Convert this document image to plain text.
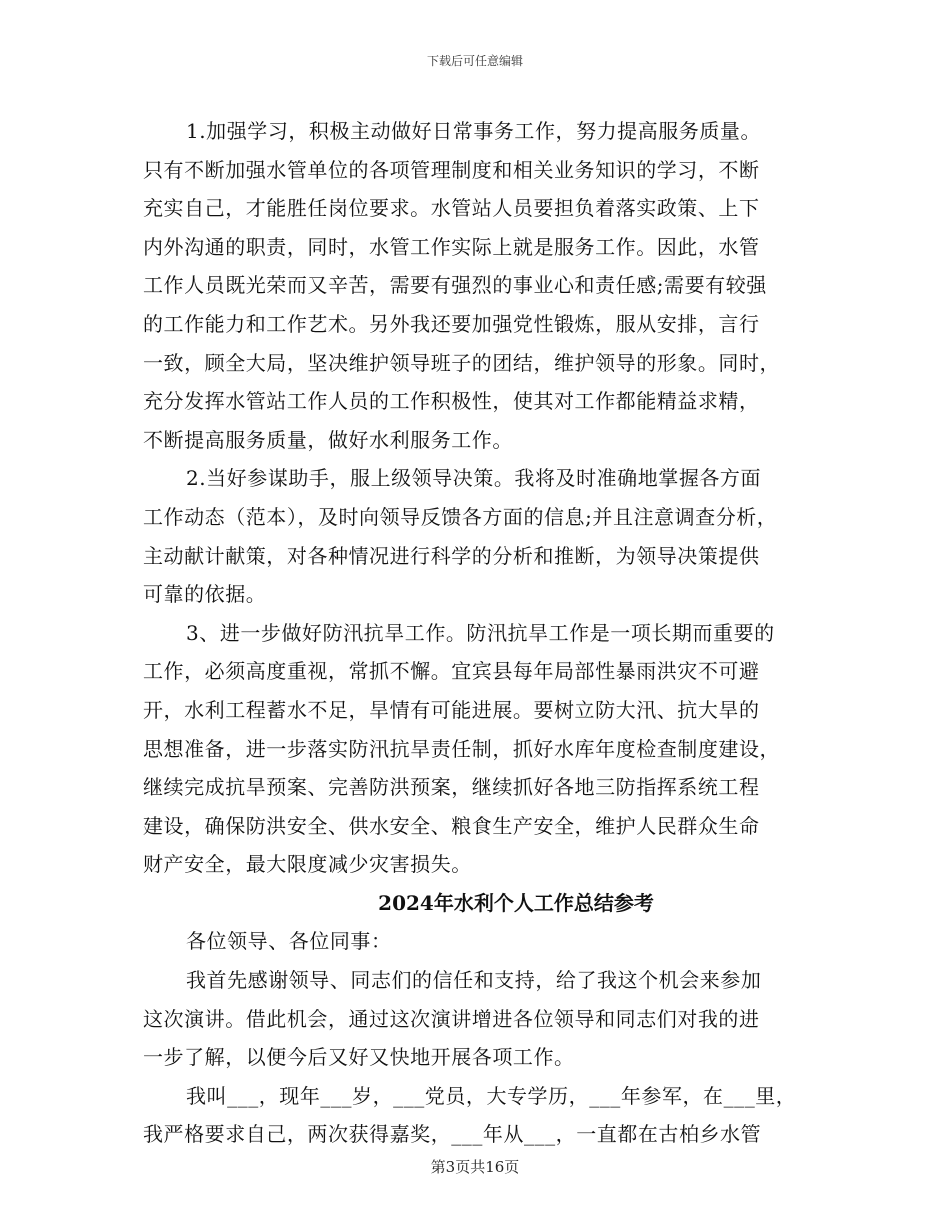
下载后可任意编辑
1.加强学习，积极主动做好日常事务工作，努力提高服务质量。
只有不断加强水管单位的各项管理制度和相关业务知识的学习，不断
充实自己，才能胜任岗位要求。水管站人员要担负着落实政策、上下
内外沟通的职责，同时，水管工作实际上就是服务工作。因此，水管
工作人员既光荣而又辛苦，需要有强烈的事业心和责任感;需要有较强
的工作能力和工作艺术。另外我还要加强党性锻炼，服从安排，言行
一致，顾全大局，坚决维护领导班子的团结，维护领导的形象。同时，
充分发挥水管站工作人员的工作积极性，使其对工作都能精益求精，
不断提高服务质量，做好水利服务工作。
2.当好参谋助手，服上级领导决策。我将及时准确地掌握各方面
工作动态（范本），及时向领导反馈各方面的信息;并且注意调查分析，
主动献计献策，对各种情况进行科学的分析和推断，为领导决策提供
可靠的依据。
3、进一步做好防汛抗旱工作。防汛抗旱工作是一项长期而重要的
工作，必须高度重视，常抓不懈。宜宾县每年局部性暴雨洪灾不可避
开，水利工程蓄水不足，旱情有可能进展。要树立防大汛、抗大旱的
思想准备，进一步落实防汛抗旱责任制，抓好水库年度检查制度建设，
继续完成抗旱预案、完善防洪预案，继续抓好各地三防指挥系统工程
建设，确保防洪安全、供水安全、粮食生产安全，维护人民群众生命
财产安全，最大限度减少灾害损失。
2024年水利个人工作总结参考
各位领导、各位同事：
我首先感谢领导、同志们的信任和支持，给了我这个机会来参加
这次演讲。借此机会，通过这次演讲增进各位领导和同志们对我的进
一步了解，以便今后又好又快地开展各项工作。
我叫___，现年___岁，___党员，大专学历，___年参军，在___里，
我严格要求自己，两次获得嘉奖，___年从___，一直都在古柏乡水管
第3页共16页
